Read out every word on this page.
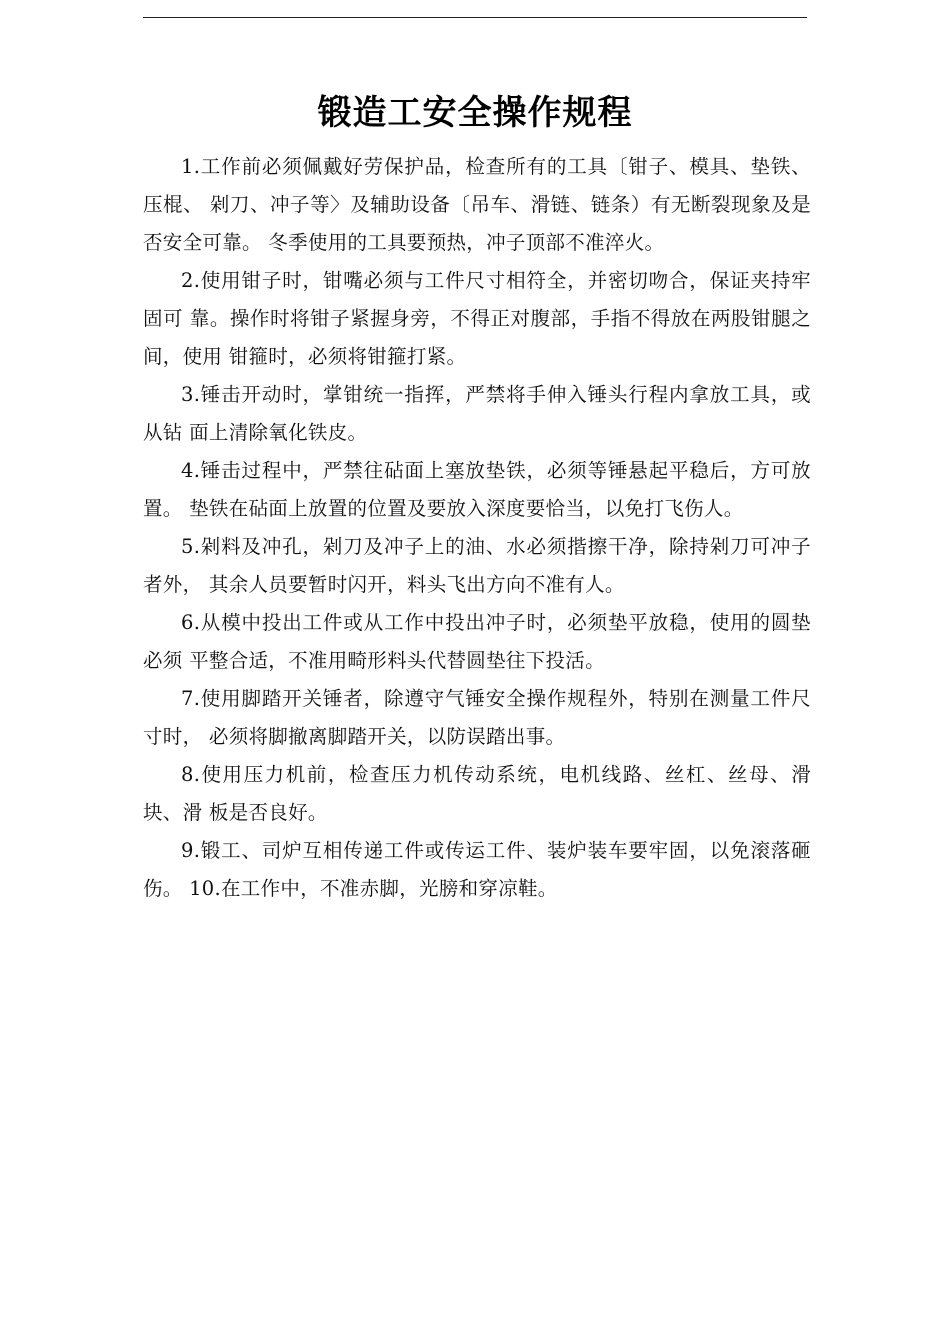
锻造工安全操作规程

1.工作前必须佩戴好劳保护品，检查所有的工具〔钳子、模具、垫铁、压棍、 剁刀、冲子等〉及辅助设备〔吊车、滑链、链条）有无断裂现象及是否安全可靠。 冬季使用的工具要预热，冲子顶部不准淬火。

2.使用钳子时，钳嘴必须与工件尺寸相符全，并密切吻合，保证夹持牢固可 靠。操作时将钳子紧握身旁，不得正对腹部，手指不得放在两股钳腿之间，使用 钳箍时，必须将钳箍打紧。

3.锤击开动时，掌钳统一指挥，严禁将手伸入锤头行程内拿放工具，或从钻 面上清除氧化铁皮。

4.锤击过程中，严禁往砧面上塞放垫铁，必须等锤悬起平稳后，方可放置。 垫铁在砧面上放置的位置及要放入深度要恰当，以免打飞伤人。

5.剁料及冲孔，剁刀及冲子上的油、水必须揩擦干净，除持剁刀可冲子者外， 其余人员要暂时闪开，料头飞出方向不准有人。

6.从模中投出工件或从工作中投出冲子时，必须垫平放稳，使用的圆垫必须 平整合适，不准用畸形料头代替圆垫往下投活。

7.使用脚踏开关锤者，除遵守气锤安全操作规程外，特别在测量工件尺寸时， 必须将脚撤离脚踏开关，以防误踏出事。

8.使用压力机前，检查压力机传动系统，电机线路、丝杠、丝母、滑块、滑 板是否良好。

9.锻工、司炉互相传递工件或传运工件、装炉装车要牢固，以免滚落砸伤。 10.在工作中，不准赤脚，光膀和穿凉鞋。
